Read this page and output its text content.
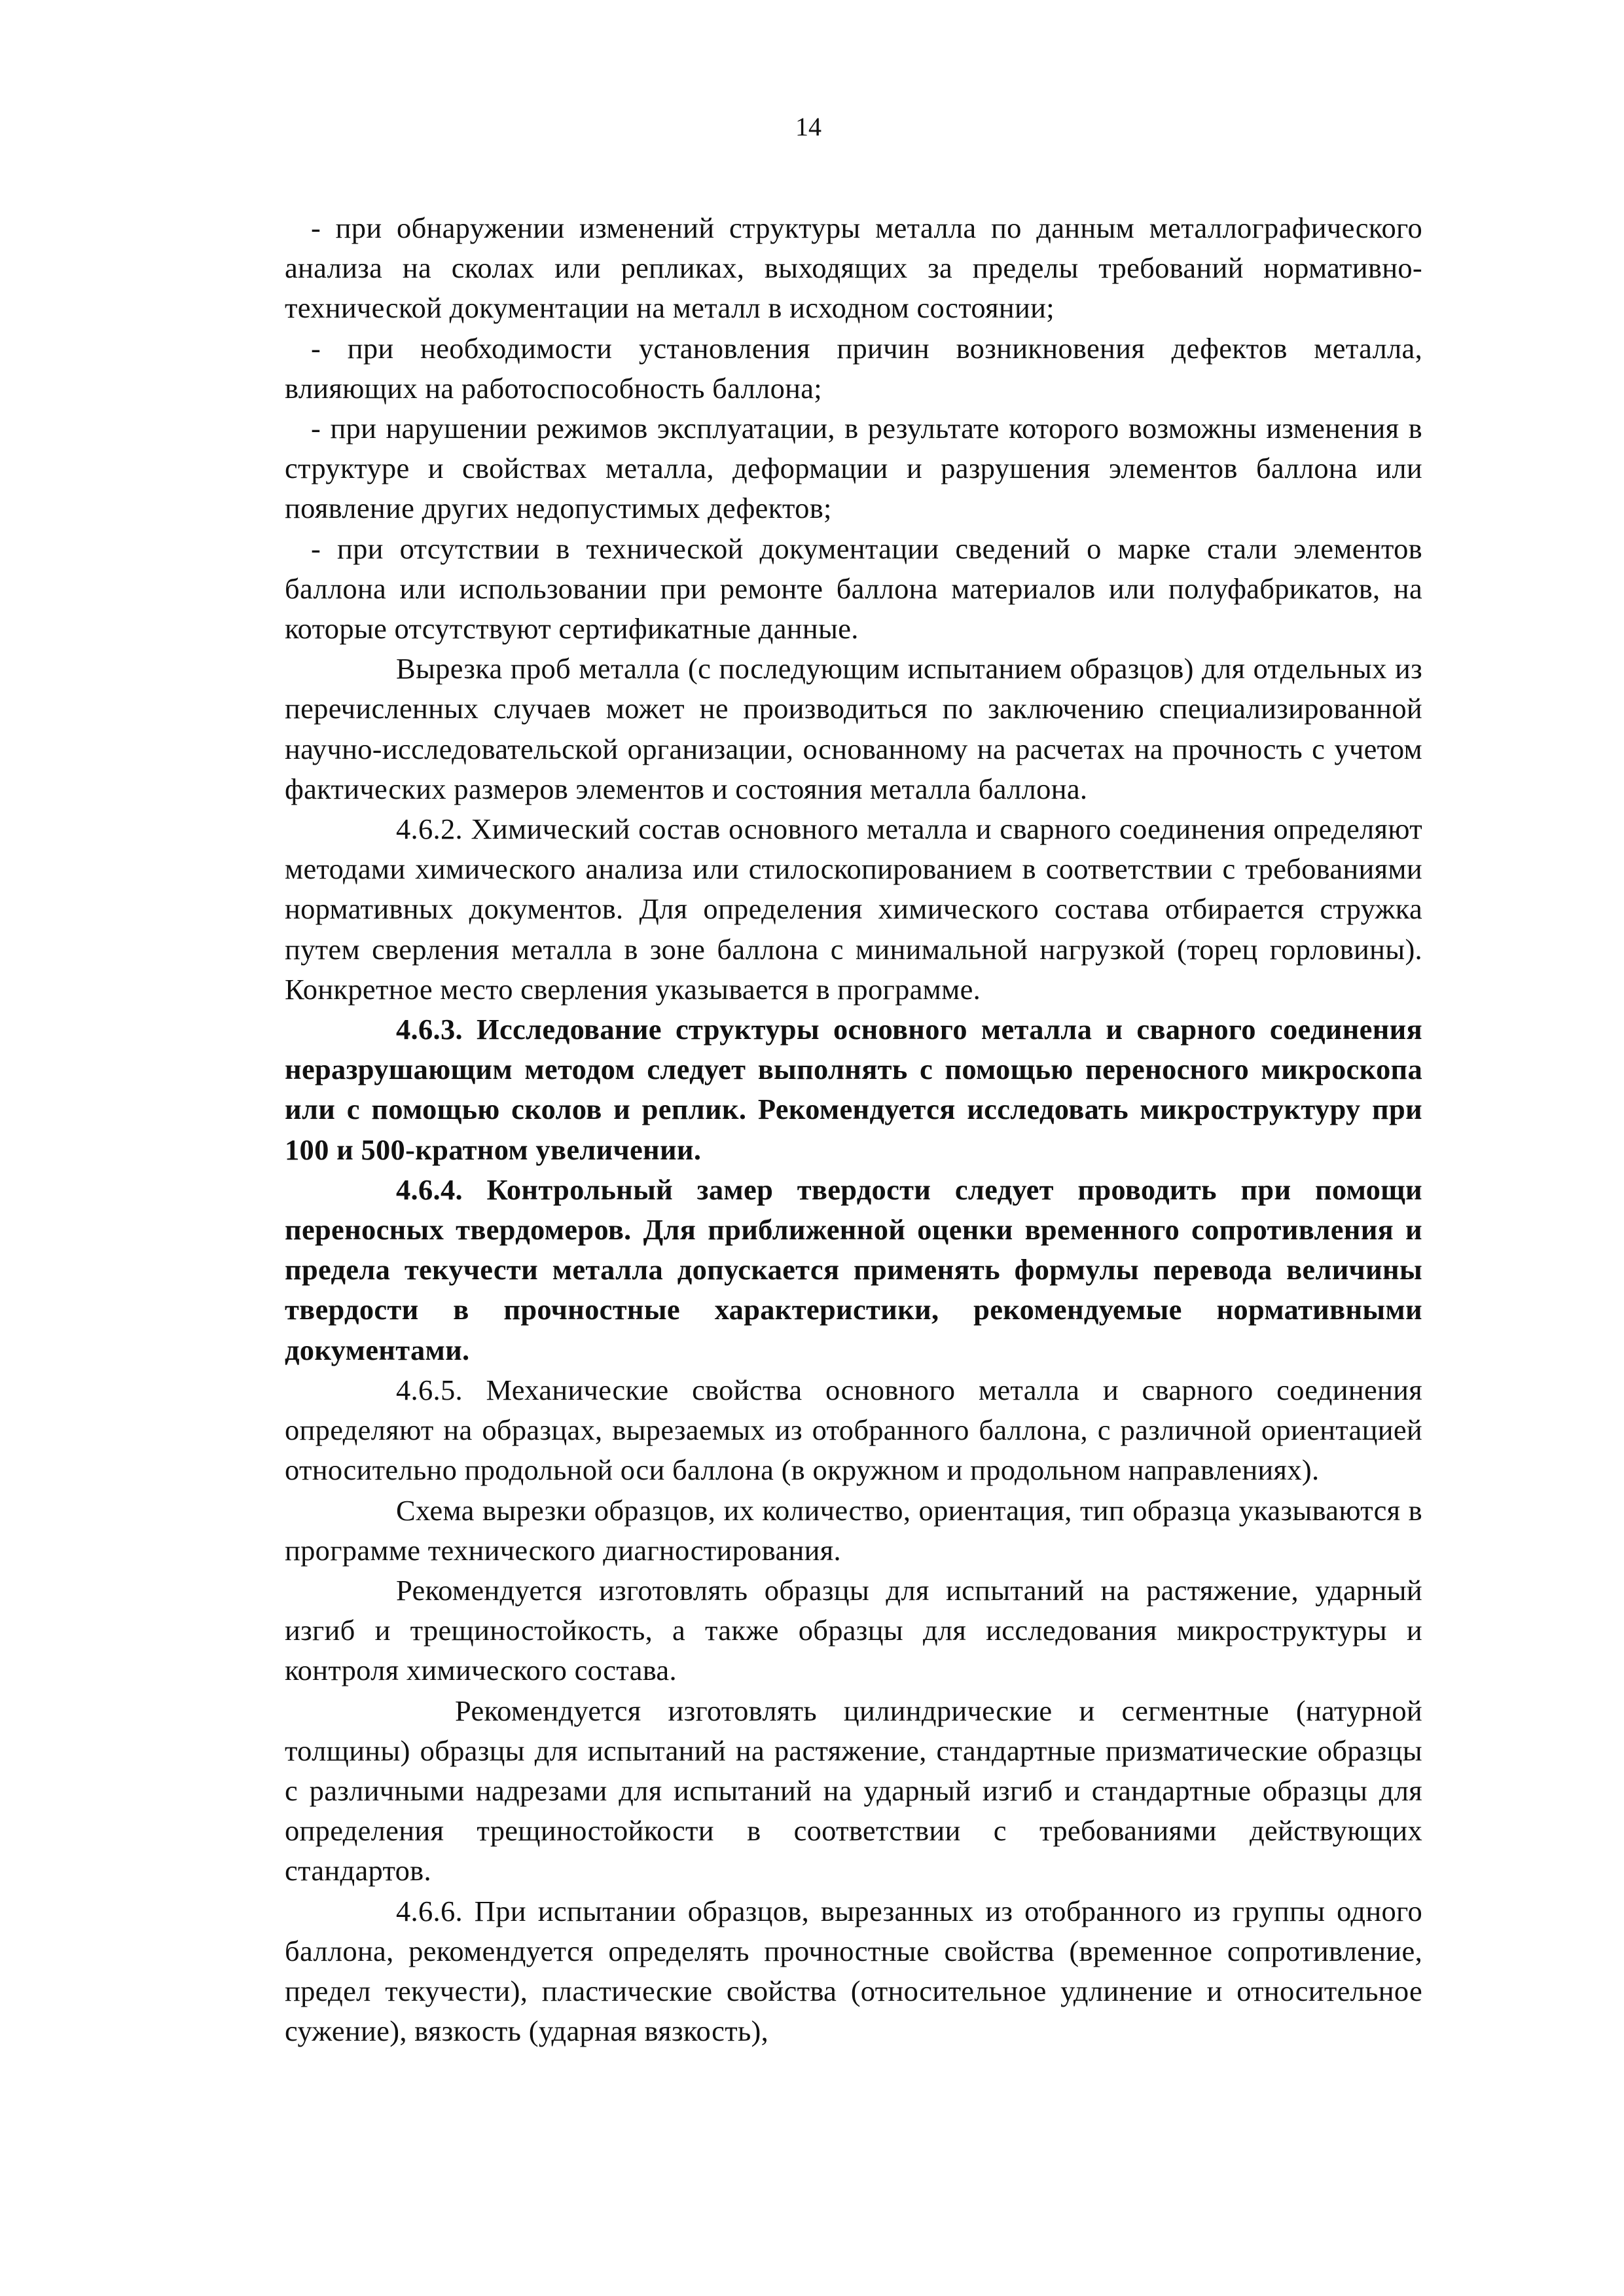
14

- при обнаружении изменений структуры металла по данным металлографического анализа на сколах или репликах, выходящих за пределы требований нормативно-технической документации на металл в исходном состоянии;

- при необходимости установления причин возникновения дефектов металла, влияющих на работоспособность баллона;

- при нарушении режимов эксплуатации, в результате которого возможны изменения в структуре и свойствах металла, деформации и разрушения элементов баллона или появление других недопустимых дефектов;

- при отсутствии в технической документации сведений о марке стали элементов баллона или использовании при ремонте баллона материалов или полуфабрикатов, на которые отсутствуют сертификатные данные.

Вырезка проб металла (с последующим испытанием образцов) для отдельных из перечисленных случаев может не производиться по заключению специализированной научно-исследовательской организации, основанному на расчетах на прочность с учетом фактических размеров элементов и состояния металла баллона.

4.6.2. Химический состав основного металла и сварного соединения определяют методами химического анализа или стилоскопированием в соответствии с требованиями нормативных документов. Для определения химического состава отбирается стружка путем сверления металла в зоне баллона с минимальной нагрузкой (торец горловины). Конкретное место сверления указывается в программе.

4.6.3. Исследование структуры основного металла и сварного соединения неразрушающим методом следует выполнять с помощью переносного микроскопа или с помощью сколов и реплик. Рекомендуется исследовать микроструктуру при 100 и 500-кратном увеличении.

4.6.4. Контрольный замер твердости следует проводить при помощи переносных твердомеров. Для приближенной оценки временного сопротивления и предела текучести металла допускается применять формулы перевода величины твердости в прочностные характеристики, рекомендуемые нормативными документами.

4.6.5. Механические свойства основного металла и сварного соединения определяют на образцах, вырезаемых из отобранного баллона, с различной ориентацией относительно продольной оси баллона (в окружном и продольном направлениях).

Схема вырезки образцов, их количество, ориентация, тип образца указываются в программе технического диагностирования.

Рекомендуется изготовлять образцы для испытаний на растяжение, ударный изгиб и трещиностойкость, а также образцы для исследования микроструктуры и контроля химического состава.

Рекомендуется изготовлять цилиндрические и сегментные (натурной толщины) образцы для испытаний на растяжение, стандартные призматические образцы с различными надрезами для испытаний на ударный изгиб и стандартные образцы для определения трещиностойкости в соответствии с требованиями действующих стандартов.

4.6.6. При испытании образцов, вырезанных из отобранного из группы одного баллона, рекомендуется определять прочностные свойства (временное сопротивление, предел текучести), пластические свойства (относительное удлинение и относительное сужение), вязкость (ударная вязкость),
